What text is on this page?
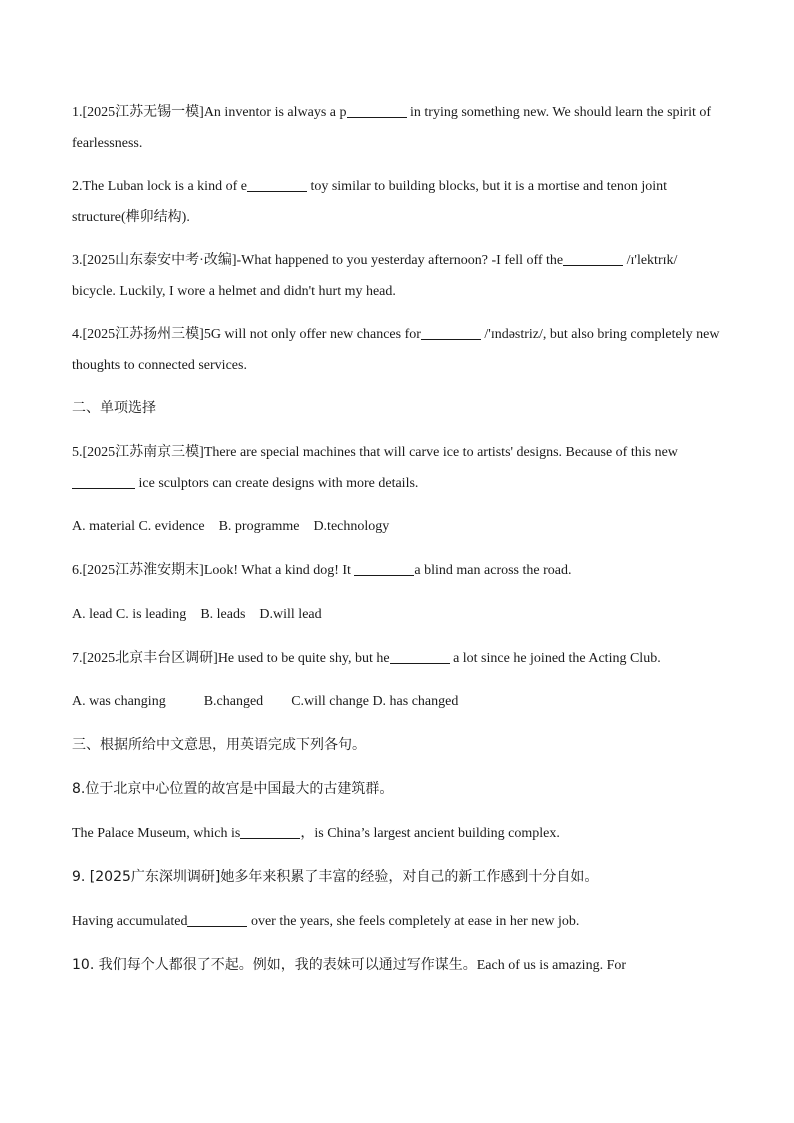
1.[2025江苏无锡一模]An inventor is always a p	in trying something new. We should learn the spirit of fearlessness.

2.The Luban lock is a kind of e	toy similar to building blocks, but it is a mortise and tenon joint structure(榫卯结构).

3.[2025山东泰安中考·改编]-What happened to you yesterday afternoon? -I fell off the	/ɪ'lektrɪk/ bicycle. Luckily, I wore a helmet and didn't hurt my head.

4.[2025江苏扬州三模]5G will not only offer new chances for	/'ɪndəstriz/, but also bring completely new thoughts to connected services.

二、单项选择

5.[2025江苏南京三模]There are special machines that will carve ice to artists' designs. Because of this new ice sculptors can create designs with more details.

A. material C. evidence B. programme D.technology

6.[2025江苏淮安期末]Look! What a kind dog! It	a blind man across the road.

A. lead C. is leading B. leads D.will lead

7.[2025北京丰台区调研]He used to be quite shy, but he	a lot since he joined the Acting Club.

A. was changing	B.changed C.will change D. has changed

三、根据所给中文意思，用英语完成下列各句。

8.位于北京中心位置的故宫是中国最大的古建筑群。

The Palace Museum, which is	，is China’s largest ancient building complex.

9. [2025广东深圳调研]她多年来积累了丰富的经验，对自己的新工作感到十分自如。

Having accumulated	over the years, she feels completely at ease in her new job.

10. 我们每个人都很了不起。例如，我的表妹可以通过写作谋生。Each of us is amazing. For
